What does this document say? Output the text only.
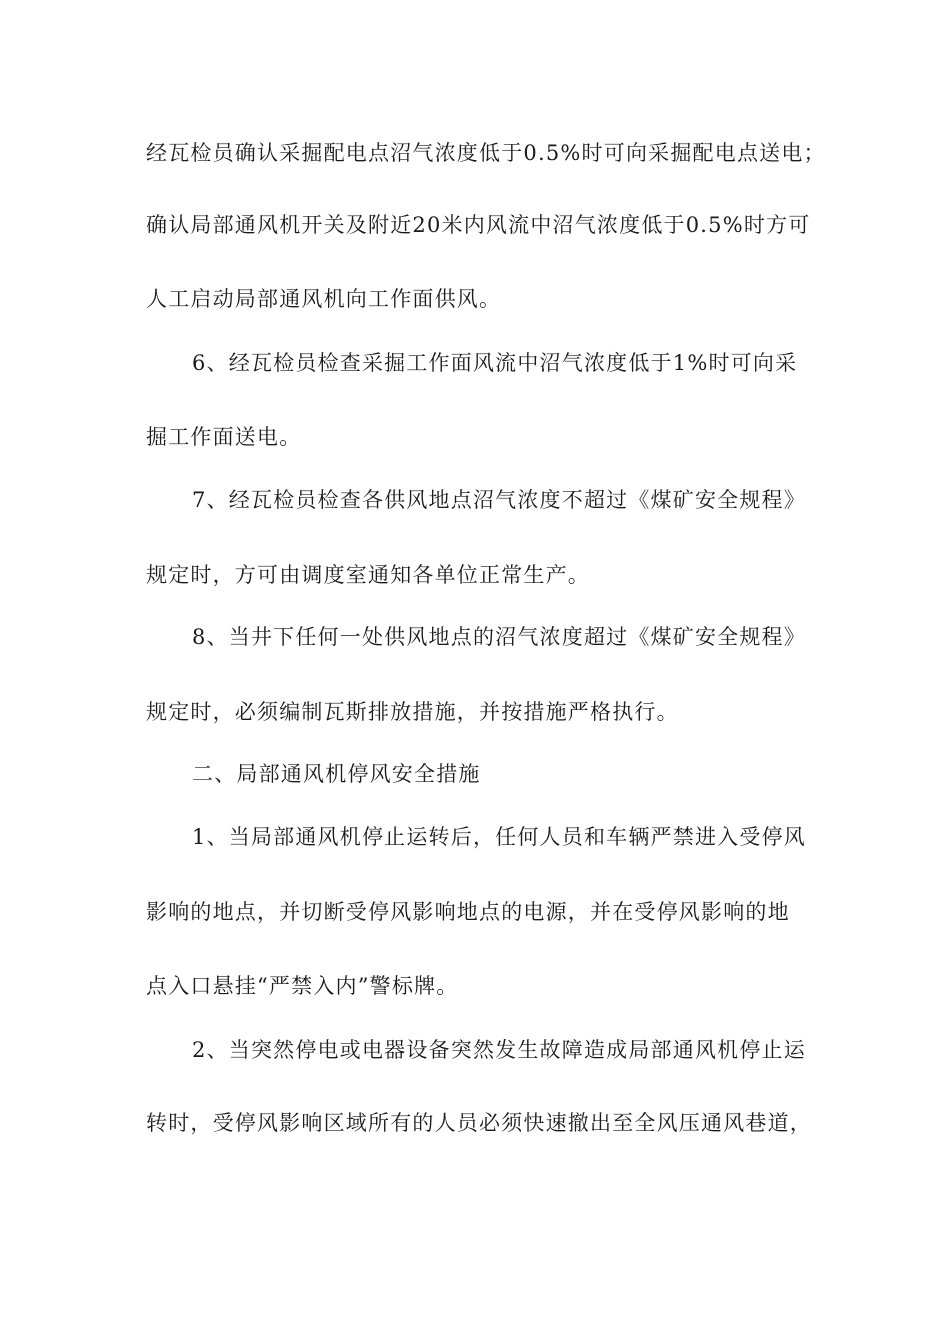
经瓦检员确认采掘配电点沼气浓度低于0.5%时可向采掘配电点送电；
确认局部通风机开关及附近20米内风流中沼气浓度低于0.5%时方可
人工启动局部通风机向工作面供风。
6、经瓦检员检查采掘工作面风流中沼气浓度低于1%时可向采
掘工作面送电。
7、经瓦检员检查各供风地点沼气浓度不超过《煤矿安全规程》
规定时，方可由调度室通知各单位正常生产。
8、当井下任何一处供风地点的沼气浓度超过《煤矿安全规程》
规定时，必须编制瓦斯排放措施，并按措施严格执行。
二、局部通风机停风安全措施
1、当局部通风机停止运转后，任何人员和车辆严禁进入受停风
影响的地点，并切断受停风影响地点的电源，并在受停风影响的地
点入口悬挂“严禁入内”警标牌。
2、当突然停电或电器设备突然发生故障造成局部通风机停止运
转时，受停风影响区域所有的人员必须快速撤出至全风压通风巷道，
